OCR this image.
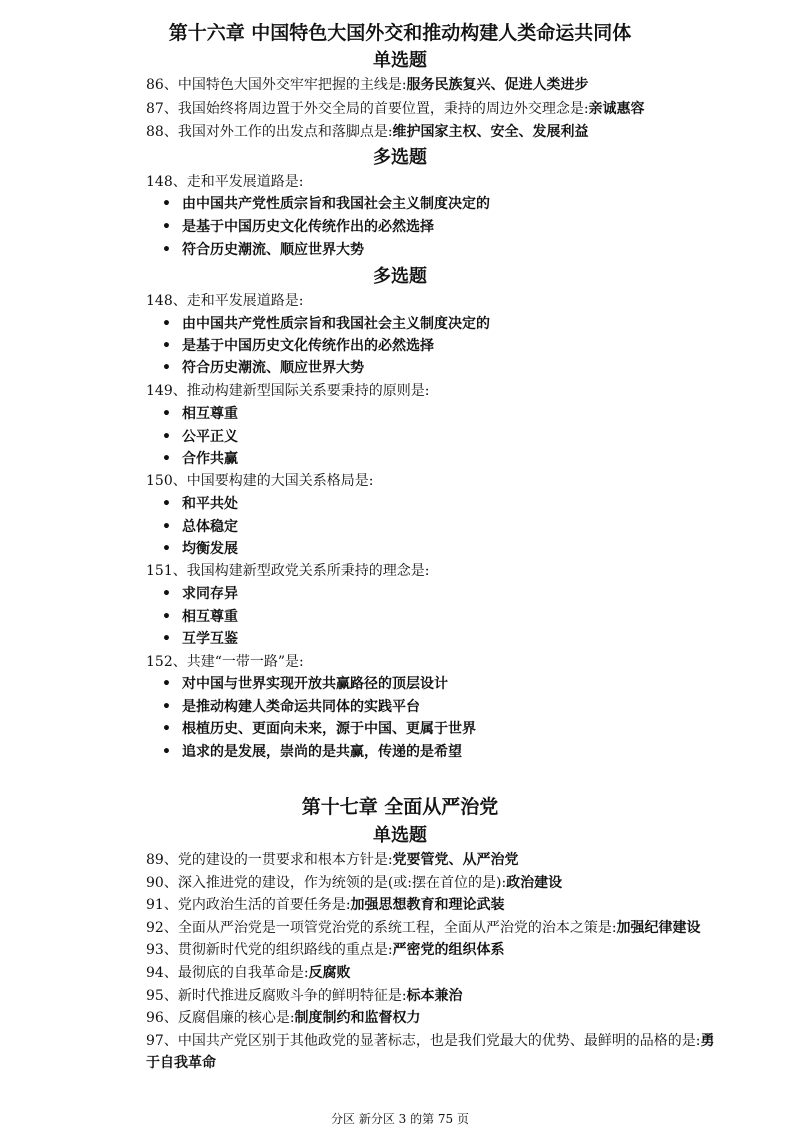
第十六章 中国特色大国外交和推动构建人类命运共同体
单选题
86、中国特色大国外交牢牢把握的主线是:服务民族复兴、促进人类进步
87、我国始终将周边置于外交全局的首要位置，秉持的周边外交理念是:亲诚惠容
88、我国对外工作的出发点和落脚点是:维护国家主权、安全、发展利益
多选题
148、走和平发展道路是:
• 由中国共产党性质宗旨和我国社会主义制度决定的
• 是基于中国历史文化传统作出的必然选择
• 符合历史潮流、顺应世界大势
多选题
148、走和平发展道路是:
• 由中国共产党性质宗旨和我国社会主义制度决定的
• 是基于中国历史文化传统作出的必然选择
• 符合历史潮流、顺应世界大势
149、推动构建新型国际关系要秉持的原则是:
• 相互尊重
• 公平正义
• 合作共赢
150、中国要构建的大国关系格局是:
• 和平共处
• 总体稳定
• 均衡发展
151、我国构建新型政党关系所秉持的理念是:
• 求同存异
• 相互尊重
• 互学互鉴
152、共建“一带一路”是:
• 对中国与世界实现开放共赢路径的顶层设计
• 是推动构建人类命运共同体的实践平台
• 根植历史、更面向未来，源于中国、更属于世界
• 追求的是发展，崇尚的是共赢，传递的是希望
第十七章 全面从严治党
单选题
89、党的建设的一贯要求和根本方针是:党要管党、从严治党
90、深入推进党的建设，作为统领的是(或:摆在首位的是):政治建设
91、党内政治生活的首要任务是:加强思想教育和理论武装
92、全面从严治党是一项管党治党的系统工程，全面从严治党的治本之策是:加强纪律建设
93、贯彻新时代党的组织路线的重点是:严密党的组织体系
94、最彻底的自我革命是:反腐败
95、新时代推进反腐败斗争的鲜明特征是:标本兼治
96、反腐倡廉的核心是:制度制约和监督权力
97、中国共产党区别于其他政党的显著标志，也是我们党最大的优势、最鲜明的品格的是:勇
于自我革命
分区 新分区 3 的第 75 页
